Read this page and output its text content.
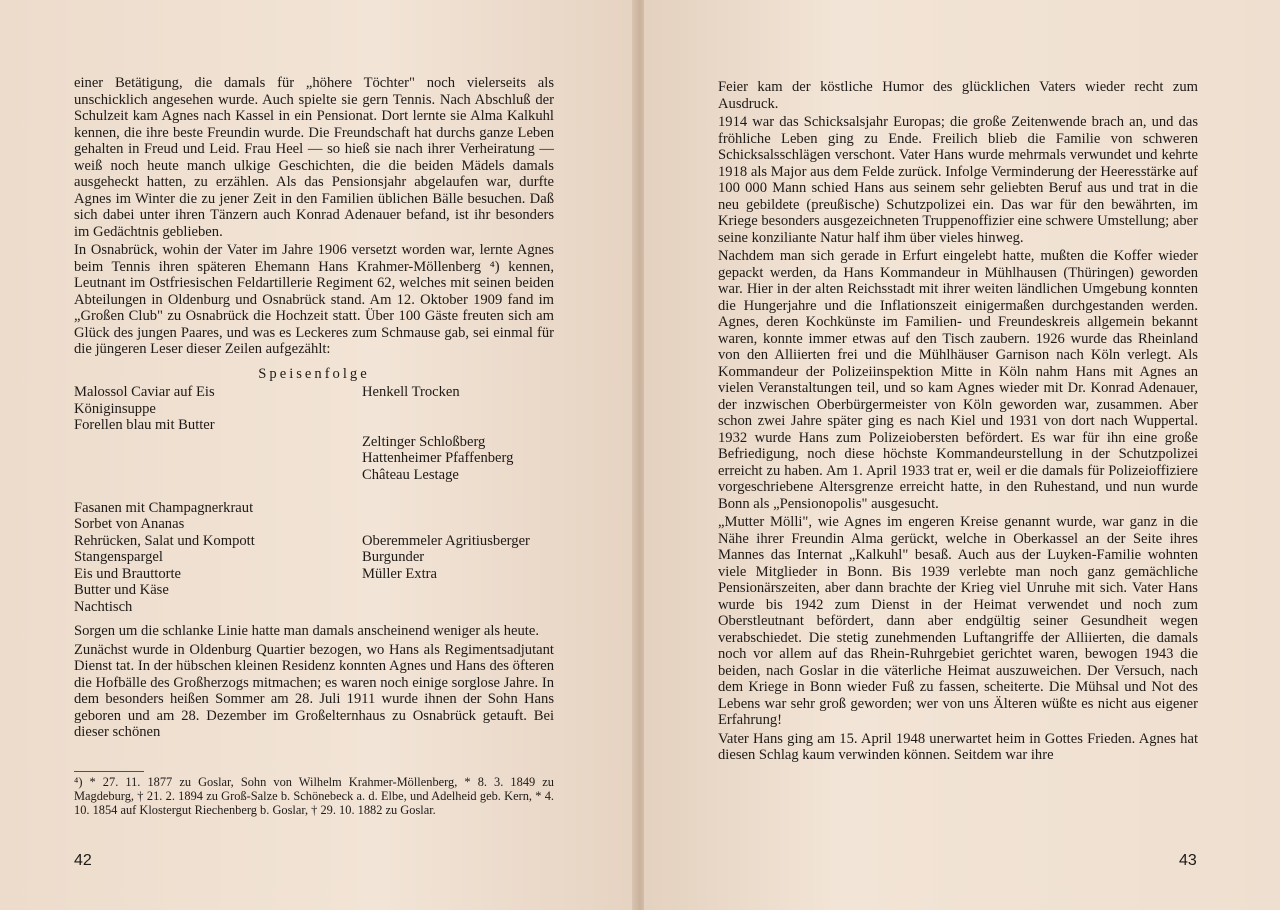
einer Betätigung, die damals für „höhere Töchter" noch vielerseits als unschicklich angesehen wurde. Auch spielte sie gern Tennis. Nach Abschluß der Schulzeit kam Agnes nach Kassel in ein Pensionat. Dort lernte sie Alma Kalkuhl kennen, die ihre beste Freundin wurde. Die Freundschaft hat durchs ganze Leben gehalten in Freud und Leid. Frau Heel — so hieß sie nach ihrer Verheiratung — weiß noch heute manch ulkige Geschichten, die die beiden Mädels damals ausgeheckt hatten, zu erzählen. Als das Pensionsjahr abgelaufen war, durfte Agnes im Winter die zu jener Zeit in den Familien üblichen Bälle besuchen. Daß sich dabei unter ihren Tänzern auch Konrad Adenauer befand, ist ihr besonders im Gedächtnis geblieben.

In Osnabrück, wohin der Vater im Jahre 1906 versetzt worden war, lernte Agnes beim Tennis ihren späteren Ehemann Hans Krahmer-Möllenberg ⁴) kennen, Leutnant im Ostfriesischen Feldartillerie Regiment 62, welches mit seinen beiden Abteilungen in Oldenburg und Osnabrück stand. Am 12. Oktober 1909 fand im „Großen Club" zu Osnabrück die Hochzeit statt. Über 100 Gäste freuten sich am Glück des jungen Paares, und was es Leckeres zum Schmause gab, sei einmal für die jüngeren Leser dieser Zeilen aufgezählt:

Speisenfolge
Malossol Caviar auf Eis	Henkell Trocken
Königinsuppe
Forellen blau mit Butter
Zeltinger Schloßberg
Hattenheimer Pfaffenberg
Château Lestage
Fasanen mit Champagnerkraut
Sorbet von Ananas
Rehrücken, Salat und Kompott	Oberemmeler Agritiusberger
Stangenspargel	Burgunder
Eis und Brauttorte	Müller Extra
Butter und Käse
Nachtisch

Sorgen um die schlanke Linie hatte man damals anscheinend weniger als heute.

Zunächst wurde in Oldenburg Quartier bezogen, wo Hans als Regimentsadjutant Dienst tat. In der hübschen kleinen Residenz konnten Agnes und Hans des öfteren die Hofbälle des Großherzogs mitmachen; es waren noch einige sorglose Jahre. In dem besonders heißen Sommer am 28. Juli 1911 wurde ihnen der Sohn Hans geboren und am 28. Dezember im Großelternhaus zu Osnabrück getauft. Bei dieser schönen

⁴) * 27. 11. 1877 zu Goslar, Sohn von Wilhelm Krahmer-Möllenberg, * 8. 3. 1849 zu Magdeburg, † 21. 2. 1894 zu Groß-Salze b. Schönebeck a. d. Elbe, und Adelheid geb. Kern, * 4. 10. 1854 auf Klostergut Riechenberg b. Goslar, † 29. 10. 1882 zu Goslar.
42

Feier kam der köstliche Humor des glücklichen Vaters wieder recht zum Ausdruck.

1914 war das Schicksalsjahr Europas; die große Zeitenwende brach an, und das fröhliche Leben ging zu Ende. Freilich blieb die Familie von schweren Schicksalsschlägen verschont. Vater Hans wurde mehrmals verwundet und kehrte 1918 als Major aus dem Felde zurück. Infolge Verminderung der Heeresstärke auf 100 000 Mann schied Hans aus seinem sehr geliebten Beruf aus und trat in die neu gebildete (preußische) Schutzpolizei ein. Das war für den bewährten, im Kriege besonders ausgezeichneten Truppenoffizier eine schwere Umstellung; aber seine konziliante Natur half ihm über vieles hinweg.

Nachdem man sich gerade in Erfurt eingelebt hatte, mußten die Koffer wieder gepackt werden, da Hans Kommandeur in Mühlhausen (Thüringen) geworden war. Hier in der alten Reichsstadt mit ihrer weiten ländlichen Umgebung konnten die Hungerjahre und die Inflationszeit einigermaßen durchgestanden werden. Agnes, deren Kochkünste im Familien- und Freundeskreis allgemein bekannt waren, konnte immer etwas auf den Tisch zaubern. 1926 wurde das Rheinland von den Alliierten frei und die Mühlhäuser Garnison nach Köln verlegt. Als Kommandeur der Polizeiinspektion Mitte in Köln nahm Hans mit Agnes an vielen Veranstaltungen teil, und so kam Agnes wieder mit Dr. Konrad Adenauer, der inzwischen Oberbürgermeister von Köln geworden war, zusammen. Aber schon zwei Jahre später ging es nach Kiel und 1931 von dort nach Wuppertal. 1932 wurde Hans zum Polizeiobersten befördert. Es war für ihn eine große Befriedigung, noch diese höchste Kommandeurstellung in der Schutzpolizei erreicht zu haben. Am 1. April 1933 trat er, weil er die damals für Polizeioffiziere vorgeschriebene Altersgrenze erreicht hatte, in den Ruhestand, und nun wurde Bonn als „Pensionopolis" ausgesucht.

„Mutter Mölli", wie Agnes im engeren Kreise genannt wurde, war ganz in die Nähe ihrer Freundin Alma gerückt, welche in Oberkassel an der Seite ihres Mannes das Internat „Kalkuhl" besaß. Auch aus der Luyken-Familie wohnten viele Mitglieder in Bonn. Bis 1939 verlebte man noch ganz gemächliche Pensionärszeiten, aber dann brachte der Krieg viel Unruhe mit sich. Vater Hans wurde bis 1942 zum Dienst in der Heimat verwendet und noch zum Oberstleutnant befördert, dann aber endgültig seiner Gesundheit wegen verabschiedet. Die stetig zunehmenden Luftangriffe der Alliierten, die damals noch vor allem auf das Rhein-Ruhrgebiet gerichtet waren, bewogen 1943 die beiden, nach Goslar in die väterliche Heimat auszuweichen. Der Versuch, nach dem Kriege in Bonn wieder Fuß zu fassen, scheiterte. Die Mühsal und Not des Lebens war sehr groß geworden; wer von uns Älteren wüßte es nicht aus eigener Erfahrung!

Vater Hans ging am 15. April 1948 unerwartet heim in Gottes Frieden. Agnes hat diesen Schlag kaum verwinden können. Seitdem war ihre

43
